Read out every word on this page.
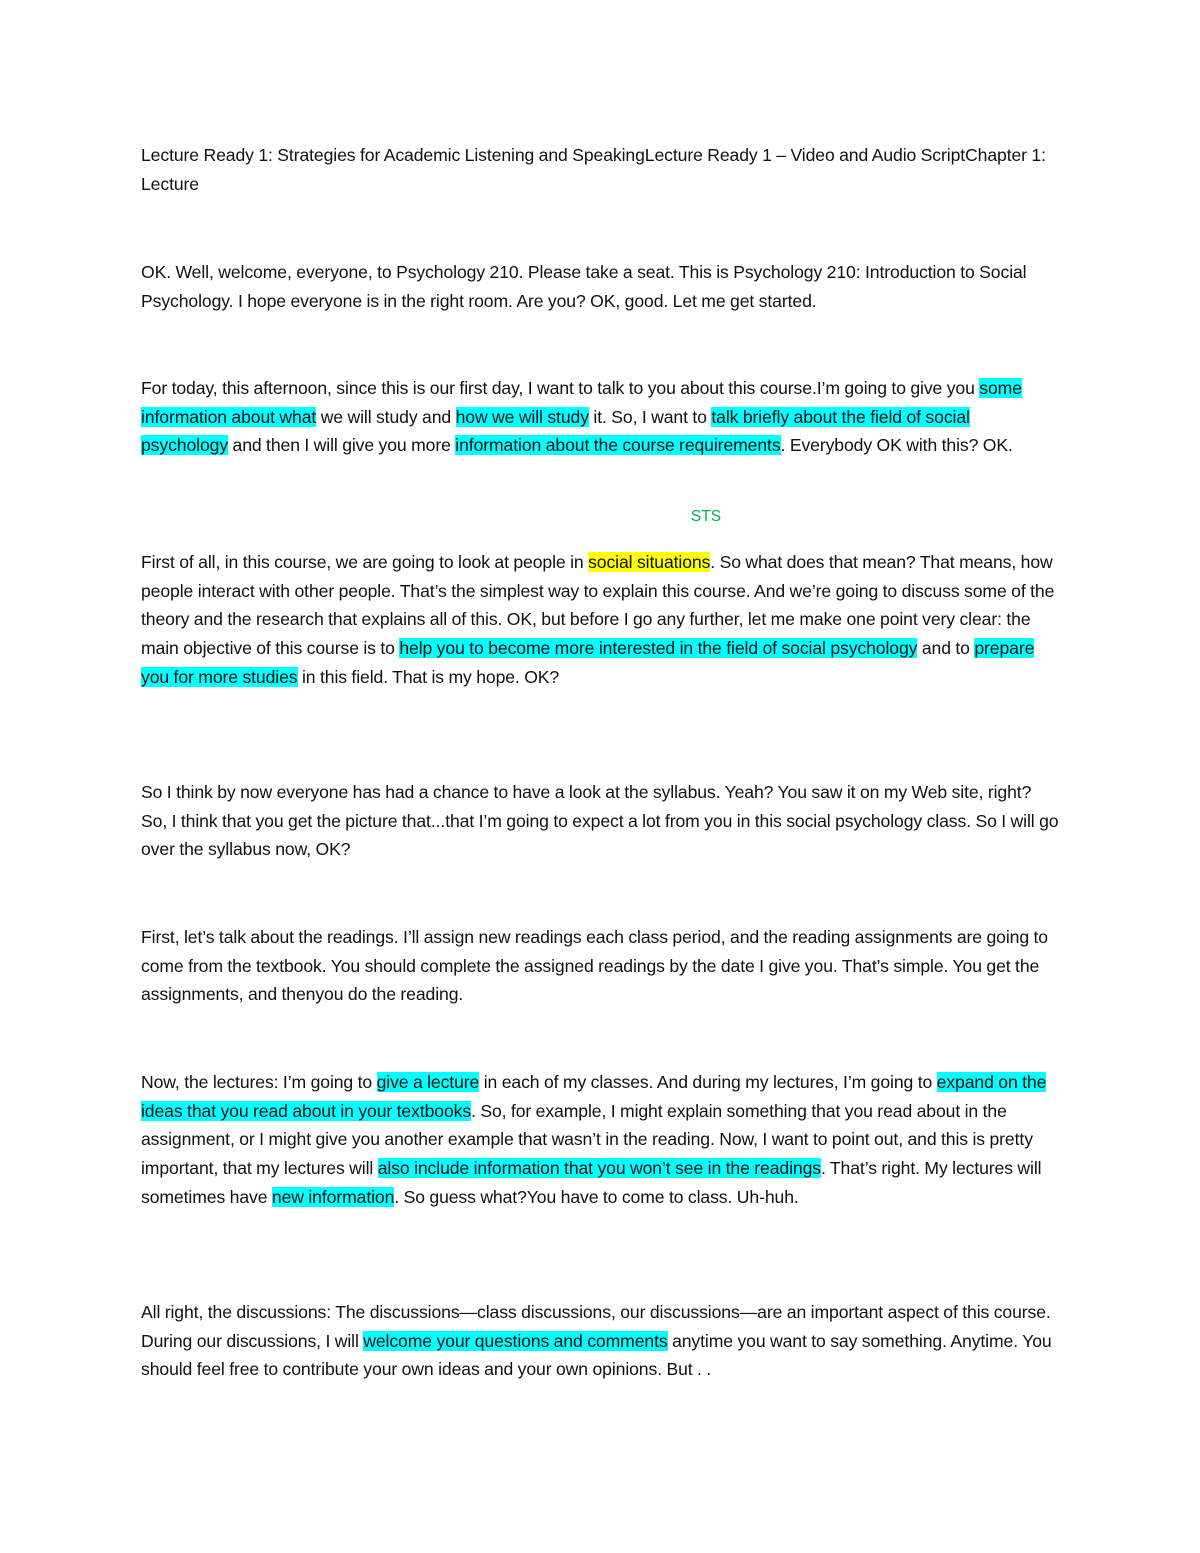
Lecture Ready 1: Strategies for Academic Listening and SpeakingLecture Ready 1 – Video and Audio ScriptChapter 1: Lecture

OK. Well, welcome, everyone, to Psychology 210. Please take a seat. This is Psychology 210: Introduction to Social Psychology. I hope everyone is in the right room. Are you? OK, good. Let me get started.

For today, this afternoon, since this is our first day, I want to talk to you about this course.I’m going to give you some information about what we will study and how we will study it. So, I want to talk briefly about the field of social psychology and then I will give you more information about the course requirements. Everybody OK with this? OK.

STS

First of all, in this course, we are going to look at people in social situations. So what does that mean? That means, how people interact with other people. That’s the simplest way to explain this course. And we’re going to discuss some of the theory and the research that explains all of this. OK, but before I go any further, let me make one point very clear: the main objective of this course is to help you to become more interested in the field of social psychology and to prepare you for more studies in this field. That is my hope. OK?

So I think by now everyone has had a chance to have a look at the syllabus. Yeah? You saw it on my Web site, right? So, I think that you get the picture that...that I’m going to expect a lot from you in this social psychology class. So I will go over the syllabus now, OK?

First, let’s talk about the readings. I’ll assign new readings each class period, and the reading assignments are going to come from the textbook. You should complete the assigned readings by the date I give you. That’s simple. You get the assignments, and thenyou do the reading.

Now, the lectures: I’m going to give a lecture in each of my classes. And during my lectures, I’m going to expand on the ideas that you read about in your textbooks. So, for example, I might explain something that you read about in the assignment, or I might give you another example that wasn’t in the reading. Now, I want to point out, and this is pretty important, that my lectures will also include information that you won’t see in the readings. That’s right. My lectures will sometimes have new information. So guess what?You have to come to class. Uh-huh.

All right, the discussions: The discussions—class discussions, our discussions—are an important aspect of this course. During our discussions, I will welcome your questions and comments anytime you want to say something. Anytime. You should feel free to contribute your own ideas and your own opinions. But . .
